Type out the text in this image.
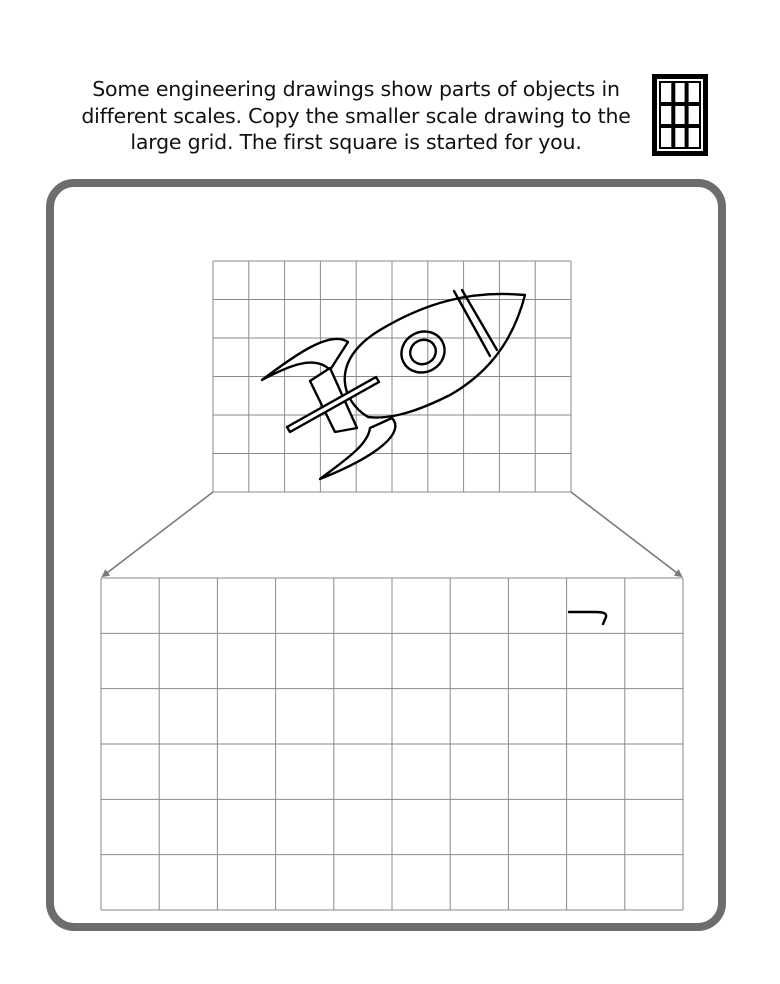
Some engineering drawings show parts of objects in
different scales. Copy the smaller scale drawing to the
large grid. The first square is started for you.
